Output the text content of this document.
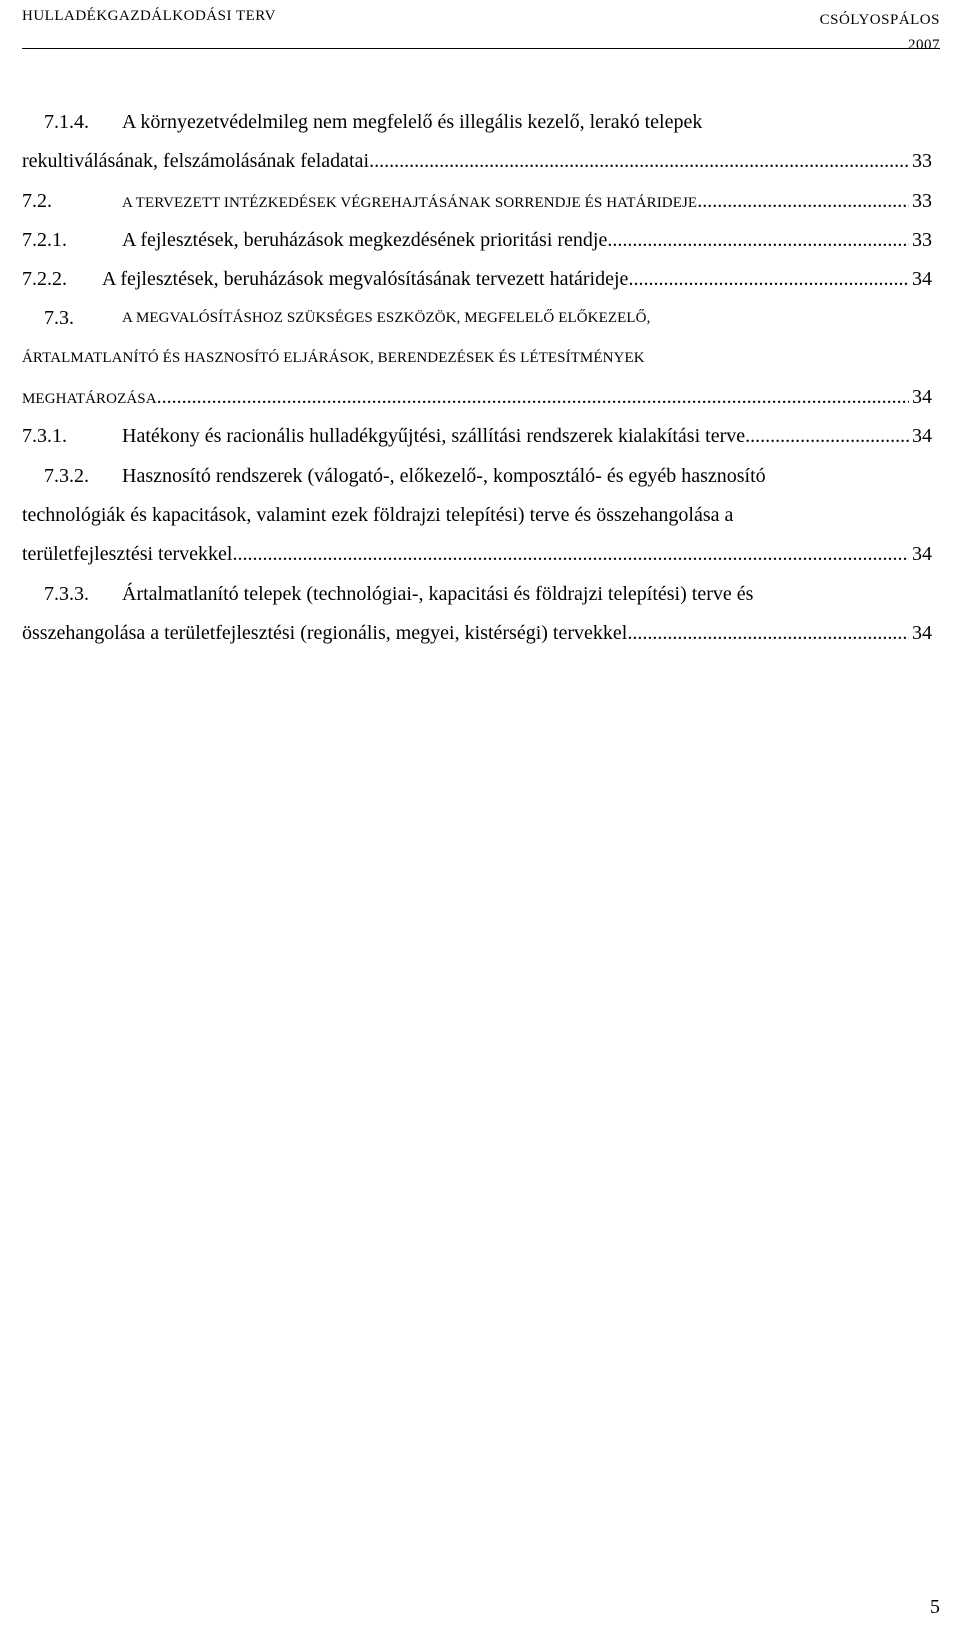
HULLADÉKGAZDÁLKODÁSI TERV	CSÓLYOSPÁLOS
2007
7.1.4. A környezetvédelmileg nem megfelelő és illegális kezelő, lerakó telepek
rekultiválásának, felszámolásának feladatai .....	33
7.2.	A TERVEZETT INTÉZKEDÉSEK VÉGREHAJTÁSÁNAK SORRENDJE ÉS HATÁRIDEJE .....	33
7.2.1.	A fejlesztések, beruházások megkezdésének prioritási rendje .....	33
7.2.2.	A fejlesztések, beruházások megvalósításának tervezett határideje .....	34
7.3.	A MEGVALÓSÍTÁSHOZ SZÜKSÉGES ESZKÖZÖK, MEGFELELŐ ELŐKEZELŐ,
ÁRTALMATLANÍTÓ ÉS HASZNOSÍTÓ ELJÁRÁSOK, BERENDEZÉSEK ÉS LÉTESÍTMÉNYEK
MEGHATÁROZÁSA .....	34
7.3.1.	Hatékony és racionális hulladékgyűjtési, szállítási rendszerek kialakítási terve .....	34
7.3.2. Hasznosító rendszerek (válogató-, előkezelő-, komposztáló- és egyéb hasznosító
technológiák és kapacitások, valamint ezek földrajzi telepítési) terve és összehangolása a
területfejlesztési tervekkel .....	34
7.3.3. Ártalmatlanító telepek (technológiai-, kapacitási és földrajzi telepítési) terve és
összehangolása a területfejlesztési (regionális, megyei, kistérségi) tervekkel .....	34
5
